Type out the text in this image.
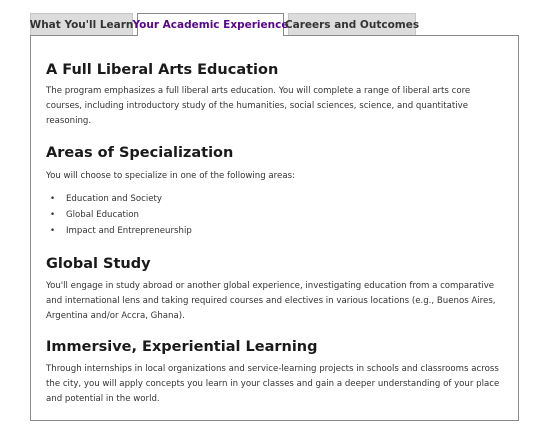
What You'll Learn Your Academic Experience
Careers and Outcomes
A Full Liberal Arts Education

The program emphasizes a full liberal arts education. You will complete a range of liberal arts core courses, including introductory study of the humanities, social sciences, science, and quantitative reasoning.

Areas of Specialization

You will choose to specialize in one of the following areas:

• Education and Society
• Global Education
• Impact and Entrepreneurship
Global Study

You'll engage in study abroad or another global experience, investigating education from a comparative and international lens and taking required courses and electives in various locations (e.g., Buenos Aires, Argentina and/or Accra, Ghana).

Immersive, Experiential Learning

Through internships in local organizations and service-learning projects in schools and classrooms across the city, you will apply concepts you learn in your classes and gain a deeper understanding of your place and potential in the world.
